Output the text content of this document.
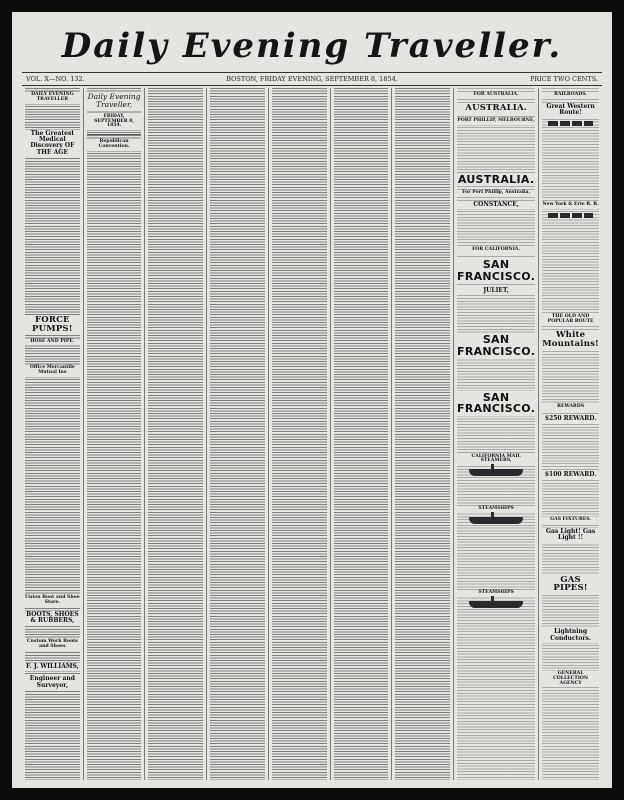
Daily Evening Traveller.
VOL. X—NO. 132.	BOSTON, FRIDAY EVENING, SEPTEMBER 8, 1854.	PRICE TWO CENTS.
DAILY EVENING TRAVELLER
The Greatest Medical Discovery OF THE AGE
FORCE PUMPS!
HOSE AND PIPE.
Office Mercantile Mutual Ins
Union Boot and Shoe Store.
BOOTS, SHOES & RUBBERS,
Custom Work Boots and Shoes
F. J. WILLIAMS,
Engineer and Surveyor,
Daily Evening Traveller.
FRIDAY, SEPTEMBER 8, 1854.
Republican Convention.
FOR AUSTRALIA.
AUSTRALIA.
PORT PHILLIP, MELBOURNE,
AUSTRALIA.
For Port Phillip, Australia.
CONSTANCE,
FOR CALIFORNIA.
SAN FRANCISCO.
JULIET,
SAN FRANCISCO.
SAN FRANCISCO.
CALIFORNIA MAIL STEAMERS,
STEAMSHIPS
STEAMSHIPS
RAILROADS.
Great Western Route!
New York & Erie R. R.
THE OLD AND POPULAR ROUTE
White Mountains!
REWARDS
$250 REWARD.
$100 REWARD.
GAS FIXTURES.
Gas Light! Gas Light !!
GAS PIPES!
Lightning Conductors.
GENERAL COLLECTION AGENCY
